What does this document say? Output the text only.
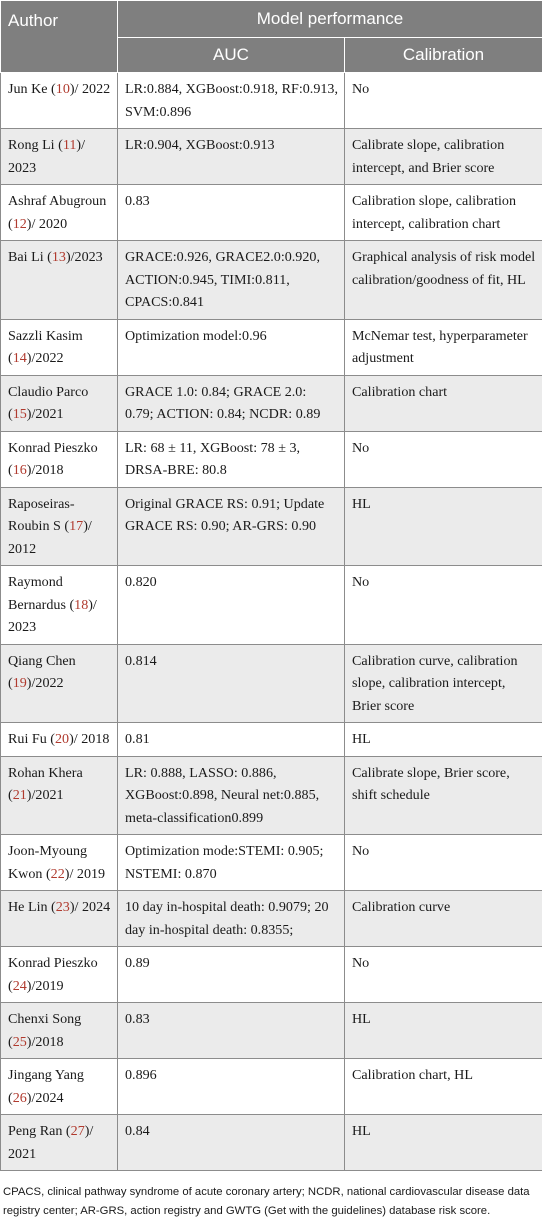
Author	Model performance	
	AUC	Calibration
Jun Ke (10)/ 2022	LR:0.884, XGBoost:0.918, RF:0.913, SVM:0.896	No
Rong Li (11)/ 2023	LR:0.904, XGBoost:0.913	Calibrate slope, calibration intercept, and Brier score
Ashraf Abugroun (12)/ 2020	0.83	Calibration slope, calibration intercept, calibration chart
Bai Li (13)/2023	GRACE:0.926, GRACE2.0:0.920, ACTION:0.945, TIMI:0.811, CPACS:0.841	Graphical analysis of risk model calibration/goodness of fit, HL
Sazzli Kasim (14)/2022	Optimization model:0.96	McNemar test, hyperparameter adjustment
Claudio Parco (15)/2021	GRACE 1.0: 0.84; GRACE 2.0: 0.79; ACTION: 0.84; NCDR: 0.89	Calibration chart
Konrad Pieszko (16)/2018	LR: 68 ± 11, XGBoost: 78 ± 3, DRSA-BRE: 80.8	No
Raposeiras-Roubin S (17)/ 2012	Original GRACE RS: 0.91; Update GRACE RS: 0.90; AR-GRS: 0.90	HL
Raymond Bernardus (18)/ 2023	0.820	No
Qiang Chen (19)/2022	0.814	Calibration curve, calibration slope, calibration intercept, Brier score
Rui Fu (20)/ 2018	0.81	HL
Rohan Khera (21)/2021	LR: 0.888, LASSO: 0.886, XGBoost:0.898, Neural net:0.885, meta-classification0.899	Calibrate slope, Brier score, shift schedule
Joon-Myoung Kwon (22)/ 2019	Optimization mode:STEMI: 0.905; NSTEMI: 0.870	No
He Lin (23)/ 2024	10 day in-hospital death: 0.9079; 20 day in-hospital death: 0.8355;	Calibration curve
Konrad Pieszko (24)/2019	0.89	No
Chenxi Song (25)/2018	0.83	HL
Jingang Yang (26)/2024	0.896	Calibration chart, HL
Peng Ran (27)/ 2021	0.84	HL
CPACS, clinical pathway syndrome of acute coronary artery; NCDR, national cardiovascular disease data registry center; AR-GRS, action registry and GWTG (Get with the guidelines) database risk score.
